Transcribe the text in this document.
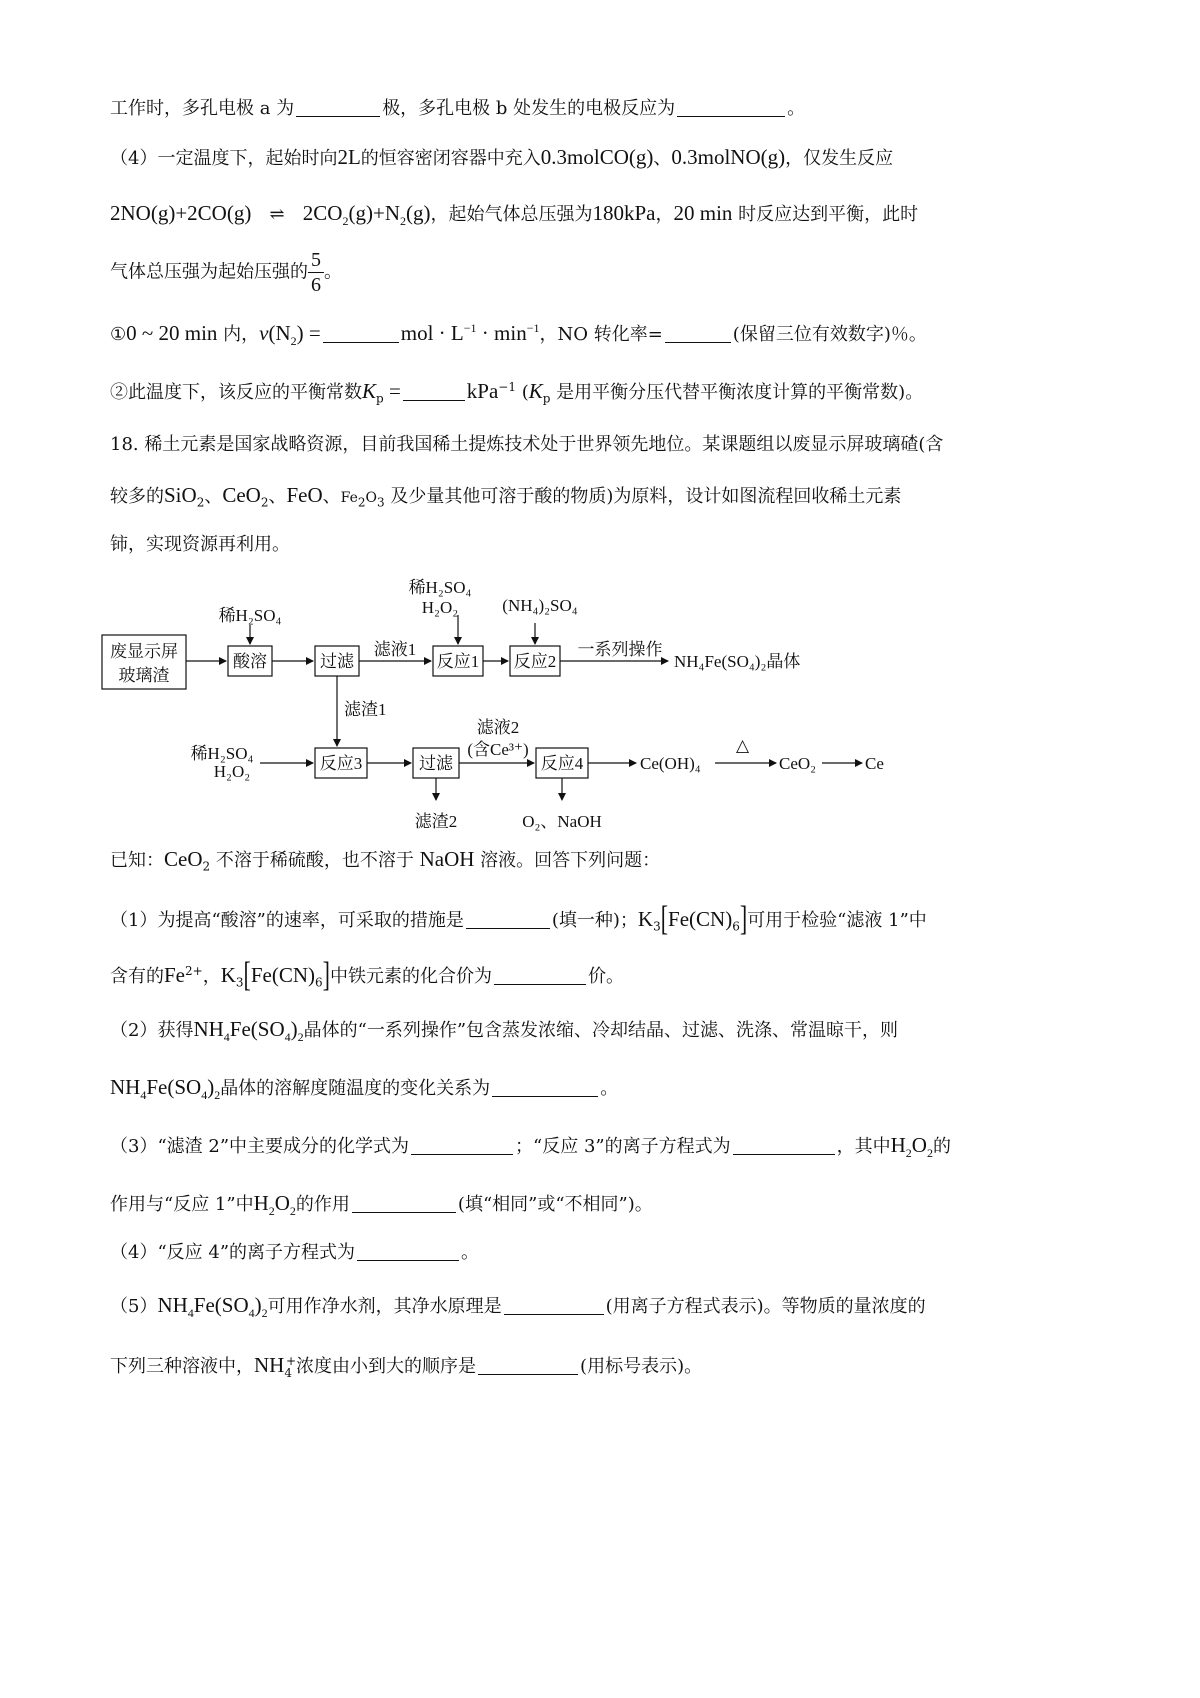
工作时，多孔电极 a 为	极，多孔电极 b 处发生的电极反应为	。
（4）一定温度下，起始时向2L的恒容密闭容器中充入0.3molCO(g)、0.3molNO(g)，仅发生反应
2NO(g)+2CO(g) ⇌ $2CO_2(g)+N_2(g)$，起始气体总压强为180kPa，20 min 时反应达到平衡，此时
气体总压强为起始压强的 $\frac{5}{6}$ 。
①0 ~ 20 min 内，$v(N_2)$ =	mol · $L^{-1} \cdot \min^{-1}$，NO 转化率=	(保留三位有效数字)％。
②此温度下，该反应的平衡常数$K_p$ =	kPa$^{-1}$ ($K_p$ 是用平衡分压代替平衡浓度计算的平衡常数)。
18. 稀土元素是国家战略资源，目前我国稀土提炼技术处于世界领先地位。某课题组以废显示屏玻璃碴(含
较多的SiO$_2$、CeO$_2$、FeO、$Fe_2O_3$ 及少量其他可溶于酸的物质)为原料，设计如图流程回收稀土元素
铈，实现资源再利用。
废显示屏
玻璃渣
酸溶	过滤	反应1 反应2
反应3	过滤	反应4
稀H₂SO₄
稀H₂SO₄
H₂O₂	(NH₄)₂SO₄
滤液1	一系列操作
NH₄Fe(SO₄)₂晶体
滤渣1
稀H₂SO₄
H₂O₂
滤液2
(含Ce³⁺)
滤渣2	O₂、NaOH
Ce(OH)₄
△
CeO₂	Ce
已知：CeO$_2$ 不溶于稀硫酸，也不溶于 NaOH 溶液。回答下列问题：
（1）为提高“酸溶”的速率，可采取的措施是	(填一种)；$K_3[Fe(CN)_6]$可用于检验“滤液 1”中
含有的$Fe^{2+}$，$K_3[Fe(CN)_6]$中铁元素的化合价为	价。
（2）获得$NH_4Fe(SO_4)_2$晶体的“一系列操作”包含蒸发浓缩、冷却结晶、过滤、洗涤、常温晾干，则
$NH_4Fe(SO_4)_2$晶体的溶解度随温度的变化关系为	。
（3）“滤渣 2”中主要成分的化学式为	；“反应 3”的离子方程式为	，其中$H_2O_2$的
作用与“反应 1”中$H_2O_2$的作用	(填“相同”或“不相同”)。
（4）“反应 4”的离子方程式为	。
$(5)NH_4Fe(SO_4)_2$可用作净水剂，其净水原理是	(用离子方程式表示)。等物质的量浓度的
下列三种溶液中，$NH_4^+$浓度由小到大的顺序是	(用标号表示)。
